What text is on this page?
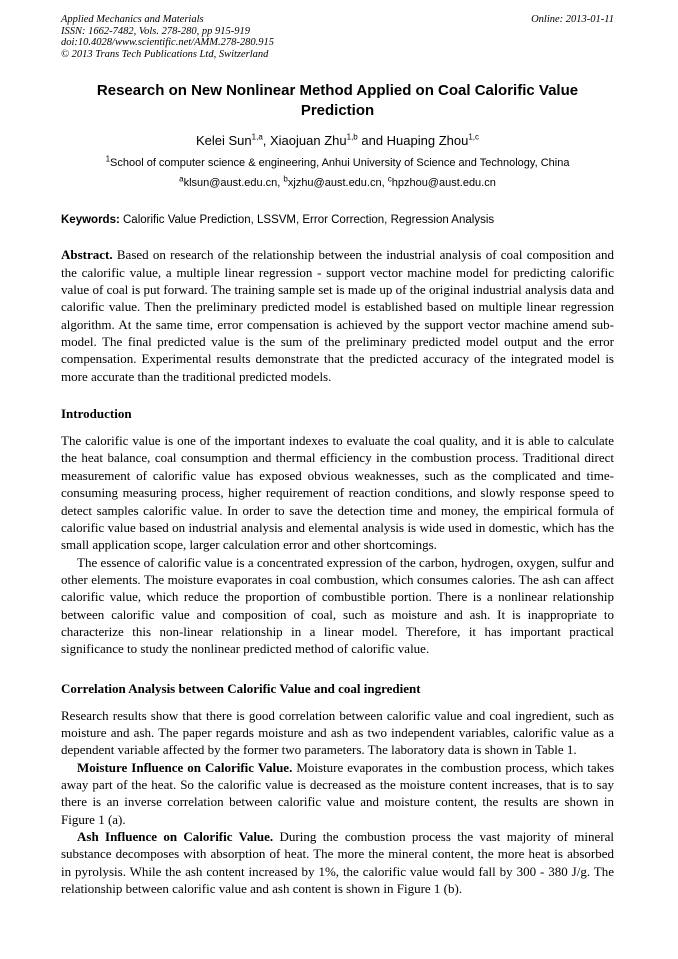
Applied Mechanics and Materials	Online: 2013-01-11
ISSN: 1662-7482, Vols. 278-280, pp 915-919
doi:10.4028/www.scientific.net/AMM.278-280.915
© 2013 Trans Tech Publications Ltd, Switzerland
Research on New Nonlinear Method Applied on Coal Calorific Value Prediction
Kelei Sun$^{1,a}$, Xiaojuan Zhu$^{1,b}$ and Huaping Zhou$^{1,c}$
$^1$School of computer science & engineering, Anhui University of Science and Technology, China
$^a$klsun@aust.edu.cn, $^b$xjzhu@aust.edu.cn, $^c$hpzhou@aust.edu.cn
Keywords: Calorific Value Prediction, LSSVM, Error Correction, Regression Analysis

Abstract. Based on research of the relationship between the industrial analysis of coal composition and the calorific value, a multiple linear regression - support vector machine model for predicting calorific value of coal is put forward. The training sample set is made up of the original industrial analysis data and calorific value. Then the preliminary predicted model is established based on multiple linear regression algorithm. At the same time, error compensation is achieved by the support vector machine amend sub-model. The final predicted value is the sum of the preliminary predicted model output and the error compensation. Experimental results demonstrate that the predicted accuracy of the integrated model is more accurate than the traditional predicted models.

Introduction

The calorific value is one of the important indexes to evaluate the coal quality, and it is able to calculate the heat balance, coal consumption and thermal efficiency in the combustion process. Traditional direct measurement of calorific value has exposed obvious weaknesses, such as the complicated and time-consuming measuring process, higher requirement of reaction conditions, and slowly response speed to detect samples calorific value. In order to save the detection time and money, the empirical formula of calorific value based on industrial analysis and elemental analysis is wide used in domestic, which has the small application scope, larger calculation error and other shortcomings.

The essence of calorific value is a concentrated expression of the carbon, hydrogen, oxygen, sulfur and other elements. The moisture evaporates in coal combustion, which consumes calories. The ash can affect calorific value, which reduce the proportion of combustible portion. There is a nonlinear relationship between calorific value and composition of coal, such as moisture and ash. It is inappropriate to characterize this non-linear relationship in a linear model. Therefore, it has important practical significance to study the nonlinear predicted method of calorific value.

Correlation Analysis between Calorific Value and coal ingredient

Research results show that there is good correlation between calorific value and coal ingredient, such as moisture and ash. The paper regards moisture and ash as two independent variables, calorific value as a dependent variable affected by the former two parameters. The laboratory data is shown in Table 1.

Moisture Influence on Calorific Value. Moisture evaporates in the combustion process, which takes away part of the heat. So the calorific value is decreased as the moisture content increases, that is to say there is an inverse correlation between calorific value and moisture content, the results are shown in Figure 1 (a).

Ash Influence on Calorific Value. During the combustion process the vast majority of mineral substance decomposes with absorption of heat. The more the mineral content, the more heat is absorbed in pyrolysis. While the ash content increased by 1%, the calorific value would fall by 300 - 380 J/g. The relationship between calorific value and ash content is shown in Figure 1 (b).
